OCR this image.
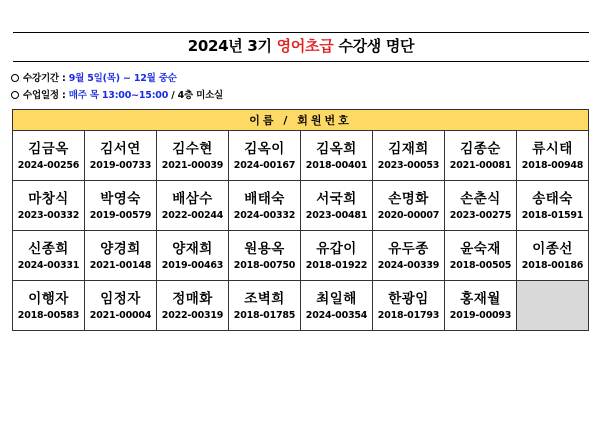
2024년 3기 영어초급 수강생 명단
수강기간 : 9월 5일(목) ~ 12월 중순
수업일정 : 매주 목 13:00~15:00 / 4층 미소실
이름 / 회원번호							

김금옥
2024-00256	김서연
2019-00733	김수현
2021-00039	김옥이
2024-00167	김옥희
2018-00401	김재희
2023-00053	김종순
2021-00081	류시태
2018-00948

마창식
2023-00332	박영숙
2019-00579	배삼수
2022-00244	배태숙
2024-00332	서국희
2023-00481	손명화
2020-00007	손춘식
2023-00275	송태숙
2018-01591

신종희
2024-00331	양경희
2021-00148	양재희
2019-00463	원용옥
2018-00750	유갑이
2018-01922	유두종
2024-00339	윤숙재
2018-00505	이종선
2018-00186

이행자
2018-00583	임정자
2021-00004	정매화
2022-00319	조벽희
2018-01785	최일해
2024-00354	한광임
2018-01793	홍재월
2019-00093	
